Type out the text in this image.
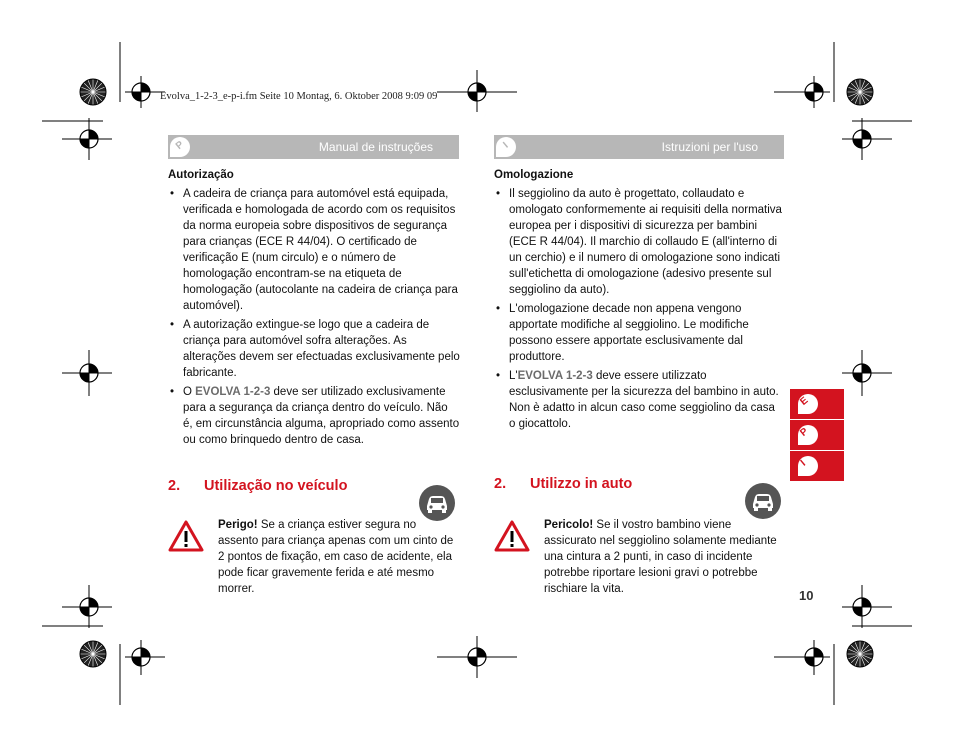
Evolva_1-2-3_e-p-i.fm Seite 10 Montag, 6. Oktober 2008 9:09 09
P	Manual de instruções
Autorização
• A cadeira de criança para automóvel está equipada, verificada e homologada de acordo com os requisitos da norma europeia sobre dispositivos de segurança para crianças (ECE R 44/04). O certificado de verificação E (num circulo) e o número de homologação encontram-se na etiqueta de homologação (autocolante na cadeira de criança para automóvel).
• A autorização extingue-se logo que a cadeira de criança para automóvel sofra alterações. As alterações devem ser efectuadas exclusivamente pelo fabricante.
• O EVOLVA 1-2-3 deve ser utilizado exclusivamente para a segurança da criança dentro do veículo. Não é, em circunstância alguma, apropriado como assento ou como brinquedo dentro de casa.
2. Utilização no veículo
Perigo! Se a criança estiver segura no assento para criança apenas com um cinto de 2 pontos de fixação, em caso de acidente, ela pode ficar gravemente ferida e até mesmo morrer.
I	Istruzioni per l'uso
Omologazione
• Il seggiolino da auto è progettato, collaudato e omologato conformemente ai requisiti della normativa europea per i dispositivi di sicurezza per bambini (ECE R 44/04). Il marchio di collaudo E (all'interno di un cerchio) e il numero di omologazione sono indicati sull'etichetta di omologazione (adesivo presente sul seggiolino da auto).
• L'omologazione decade non appena vengono apportate modifiche al seggiolino. Le modifiche possono essere apportate esclusivamente dal produttore.
• L'EVOLVA 1-2-3 deve essere utilizzato esclusivamente per la sicurezza del bambino in auto. Non è adatto in alcun caso come seggiolino da casa o giocattolo.
2. Utilizzo in auto
Pericolo! Se il vostro bambino viene assicurato nel seggiolino solamente mediante una cintura a 2 punti, in caso di incidente potrebbe riportare lesioni gravi o potrebbe rischiare la vita.
E
P
I
10
